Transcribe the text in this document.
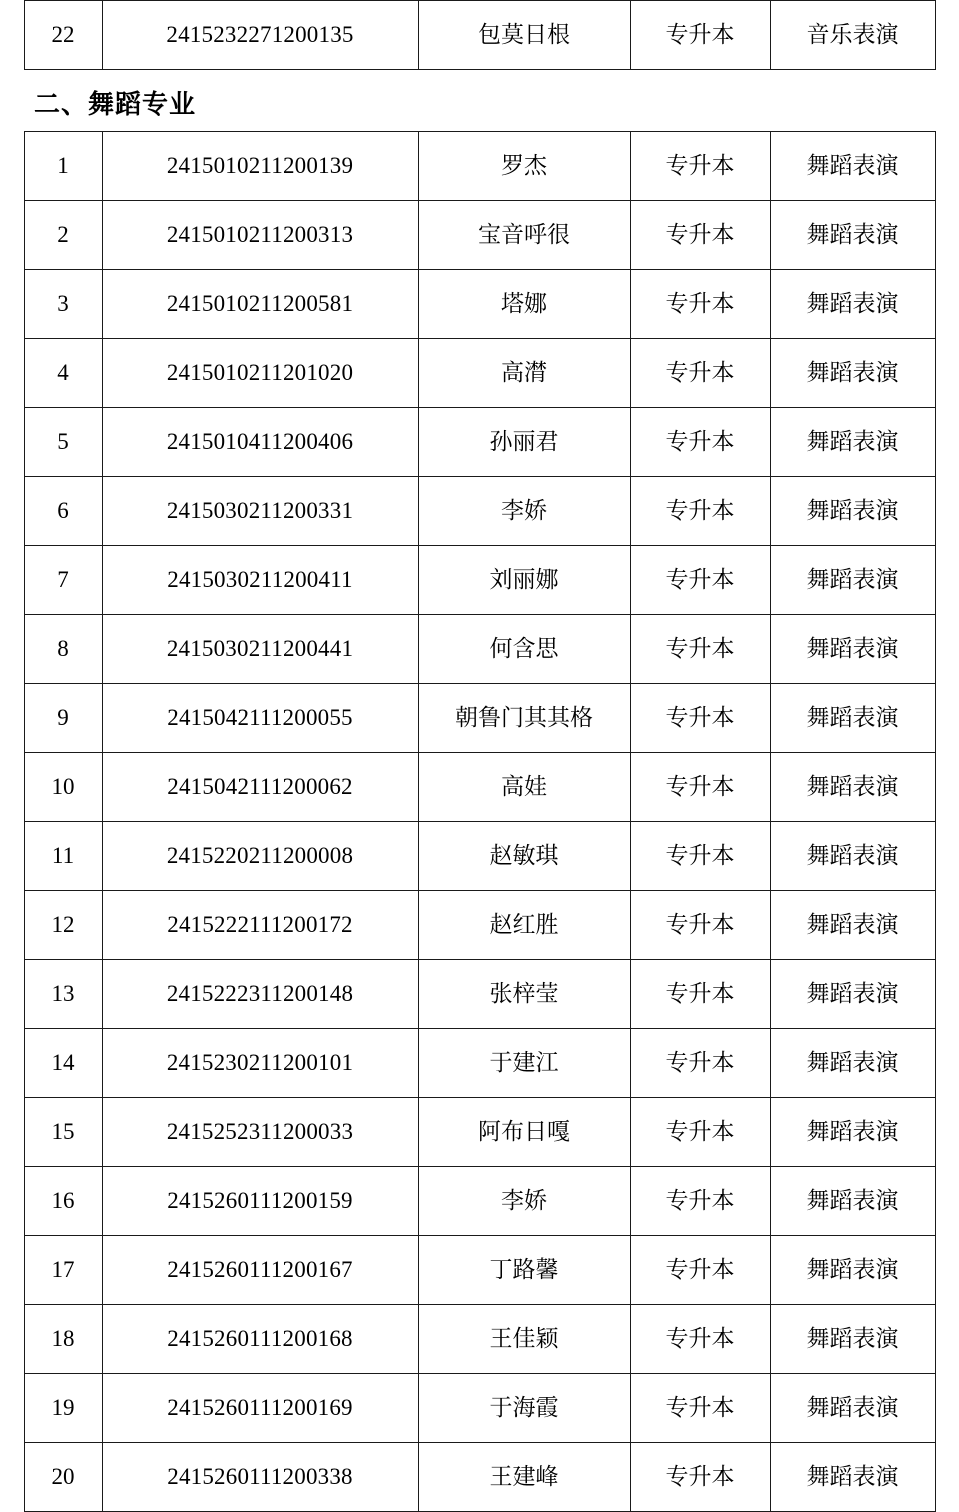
22	2415232271200135	包莫日根	专升本	音乐表演
二、舞蹈专业
1	2415010211200139	罗杰	专升本	舞蹈表演
2	2415010211200313	宝音呼很	专升本	舞蹈表演
3	2415010211200581	塔娜	专升本	舞蹈表演
4	2415010211201020	高潸	专升本	舞蹈表演
5	2415010411200406	孙丽君	专升本	舞蹈表演
6	2415030211200331	李娇	专升本	舞蹈表演
7	2415030211200411	刘丽娜	专升本	舞蹈表演
8	2415030211200441	何含思	专升本	舞蹈表演
9	2415042111200055	朝鲁门其其格	专升本	舞蹈表演
10	2415042111200062	高娃	专升本	舞蹈表演
11	2415220211200008	赵敏琪	专升本	舞蹈表演
12	2415222111200172	赵红胜	专升本	舞蹈表演
13	2415222311200148	张梓莹	专升本	舞蹈表演
14	2415230211200101	于建江	专升本	舞蹈表演
15	2415252311200033	阿布日嘎	专升本	舞蹈表演
16	2415260111200159	李娇	专升本	舞蹈表演
17	2415260111200167	丁路馨	专升本	舞蹈表演
18	2415260111200168	王佳颖	专升本	舞蹈表演
19	2415260111200169	于海霞	专升本	舞蹈表演
20	2415260111200338	王建峰	专升本	舞蹈表演
